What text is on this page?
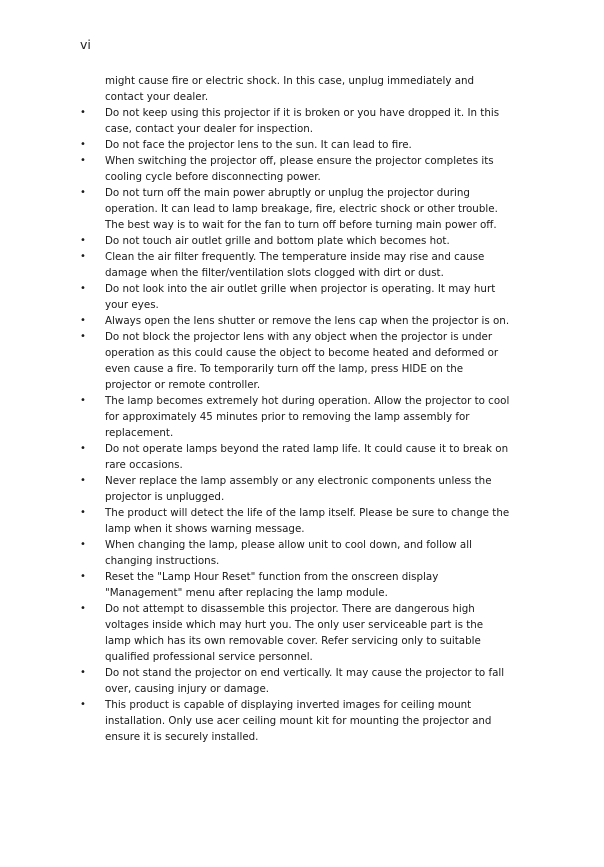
vi

might cause fire or electric shock. In this case, unplug immediately and contact your dealer.

• Do not keep using this projector if it is broken or you have dropped it. In this case, contact your dealer for inspection.
• Do not face the projector lens to the sun. It can lead to fire.
• When switching the projector off, please ensure the projector completes its cooling cycle before disconnecting power.
• Do not turn off the main power abruptly or unplug the projector during operation. It can lead to lamp breakage, fire, electric shock or other trouble. The best way is to wait for the fan to turn off before turning main power off.
• Do not touch air outlet grille and bottom plate which becomes hot.
• Clean the air filter frequently. The temperature inside may rise and cause damage when the filter/ventilation slots clogged with dirt or dust.
• Do not look into the air outlet grille when projector is operating. It may hurt your eyes.
• Always open the lens shutter or remove the lens cap when the projector is on.
• Do not block the projector lens with any object when the projector is under operation as this could cause the object to become heated and deformed or even cause a fire. To temporarily turn off the lamp, press HIDE on the projector or remote controller.
• The lamp becomes extremely hot during operation. Allow the projector to cool for approximately 45 minutes prior to removing the lamp assembly for replacement.
• Do not operate lamps beyond the rated lamp life. It could cause it to break on rare occasions.
• Never replace the lamp assembly or any electronic components unless the projector is unplugged.
• The product will detect the life of the lamp itself. Please be sure to change the lamp when it shows warning message.
• When changing the lamp, please allow unit to cool down, and follow all changing instructions.
• Reset the "Lamp Hour Reset" function from the onscreen display "Management" menu after replacing the lamp module.
• Do not attempt to disassemble this projector. There are dangerous high voltages inside which may hurt you. The only user serviceable part is the lamp which has its own removable cover. Refer servicing only to suitable qualified professional service personnel.
• Do not stand the projector on end vertically. It may cause the projector to fall over, causing injury or damage.
• This product is capable of displaying inverted images for ceiling mount installation. Only use acer ceiling mount kit for mounting the projector and ensure it is securely installed.
